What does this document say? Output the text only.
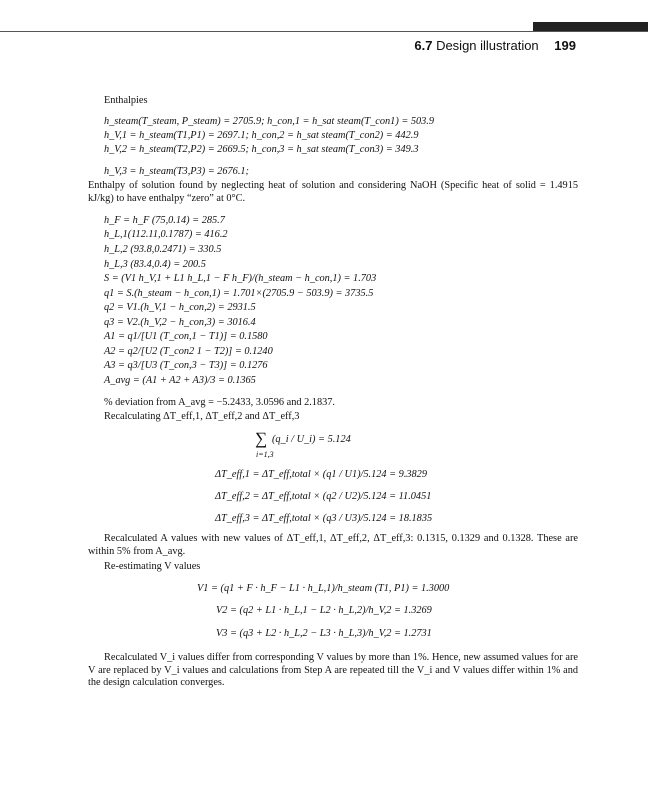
6.7 Design illustration 199
Enthalpies
h_steam(T_steam, P_steam) = 2705.9; h_con,1 = h_sat steam(T_con1) = 503.9
h_V,1 = h_steam(T1,P1) = 2697.1; h_con,2 = h_sat steam(T_con2) = 442.9
h_V,2 = h_steam(T2,P2) = 2669.5; h_con,3 = h_sat steam(T_con3) = 349.3
h_V,3 = h_steam(T3,P3) = 2676.1;
Enthalpy of solution found by neglecting heat of solution and considering NaOH (Specific heat of solid = 1.4915 kJ/kg) to have enthalpy “zero” at 0°C.
h_F = h_F (75,0.14) = 285.7
h_L,1(112.11,0.1787) = 416.2
h_L,2 (93.8,0.2471) = 330.5
h_L,3 (83.4,0.4) = 200.5
S = (V1 h_V,1 + L1 h_L,1 − F h_F)/(h_steam − h_con,1) = 1.703
q1 = S.(h_steam − h_con,1) = 1.701×(2705.9 − 503.9) = 3735.5
q2 = V1.(h_V,1 − h_con,2) = 2931.5
q3 = V2.(h_V,2 − h_con,3) = 3016.4
A1 = q1/[U1 (T_con,1 − T1)] = 0.1580
A2 = q2/[U2 (T_con2 1 − T2)] = 0.1240
A3 = q3/[U3 (T_con,3 − T3)] = 0.1276
A_avg = (A1 + A2 + A3)/3 = 0.1365
% deviation from A_avg = −5.2433, 3.0596 and 2.1837.
Recalculating ΔT_eff,1, ΔT_eff,2 and ΔT_eff,3
∑ (q_i / U_i) = 5.124
i=1,3
ΔT_eff,1 = ΔT_eff,total × (q1 / U1)/5.124 = 9.3829
ΔT_eff,2 = ΔT_eff,total × (q2 / U2)/5.124 = 11.0451
ΔT_eff,3 = ΔT_eff,total × (q3 / U3)/5.124 = 18.1835
Recalculated A values with new values of ΔT_eff,1, ΔT_eff,2, ΔT_eff,3: 0.1315, 0.1329 and 0.1328. These are within 5% from A_avg.
Re-estimating V values
V1 = (q1 + F · h_F − L1 · h_L,1)/h_steam (T1, P1) = 1.3000
V2 = (q2 + L1 · h_L,1 − L2 · h_L,2)/h_V,2 = 1.3269
V3 = (q3 + L2 · h_L,2 − L3 · h_L,3)/h_V,2 = 1.2731
Recalculated V_i values differ from corresponding V values by more than 1%. Hence, new assumed values for are V are replaced by V_i values and calculations from Step A are repeated till the V_i and V values differ within 1% and the design calculation converges.
